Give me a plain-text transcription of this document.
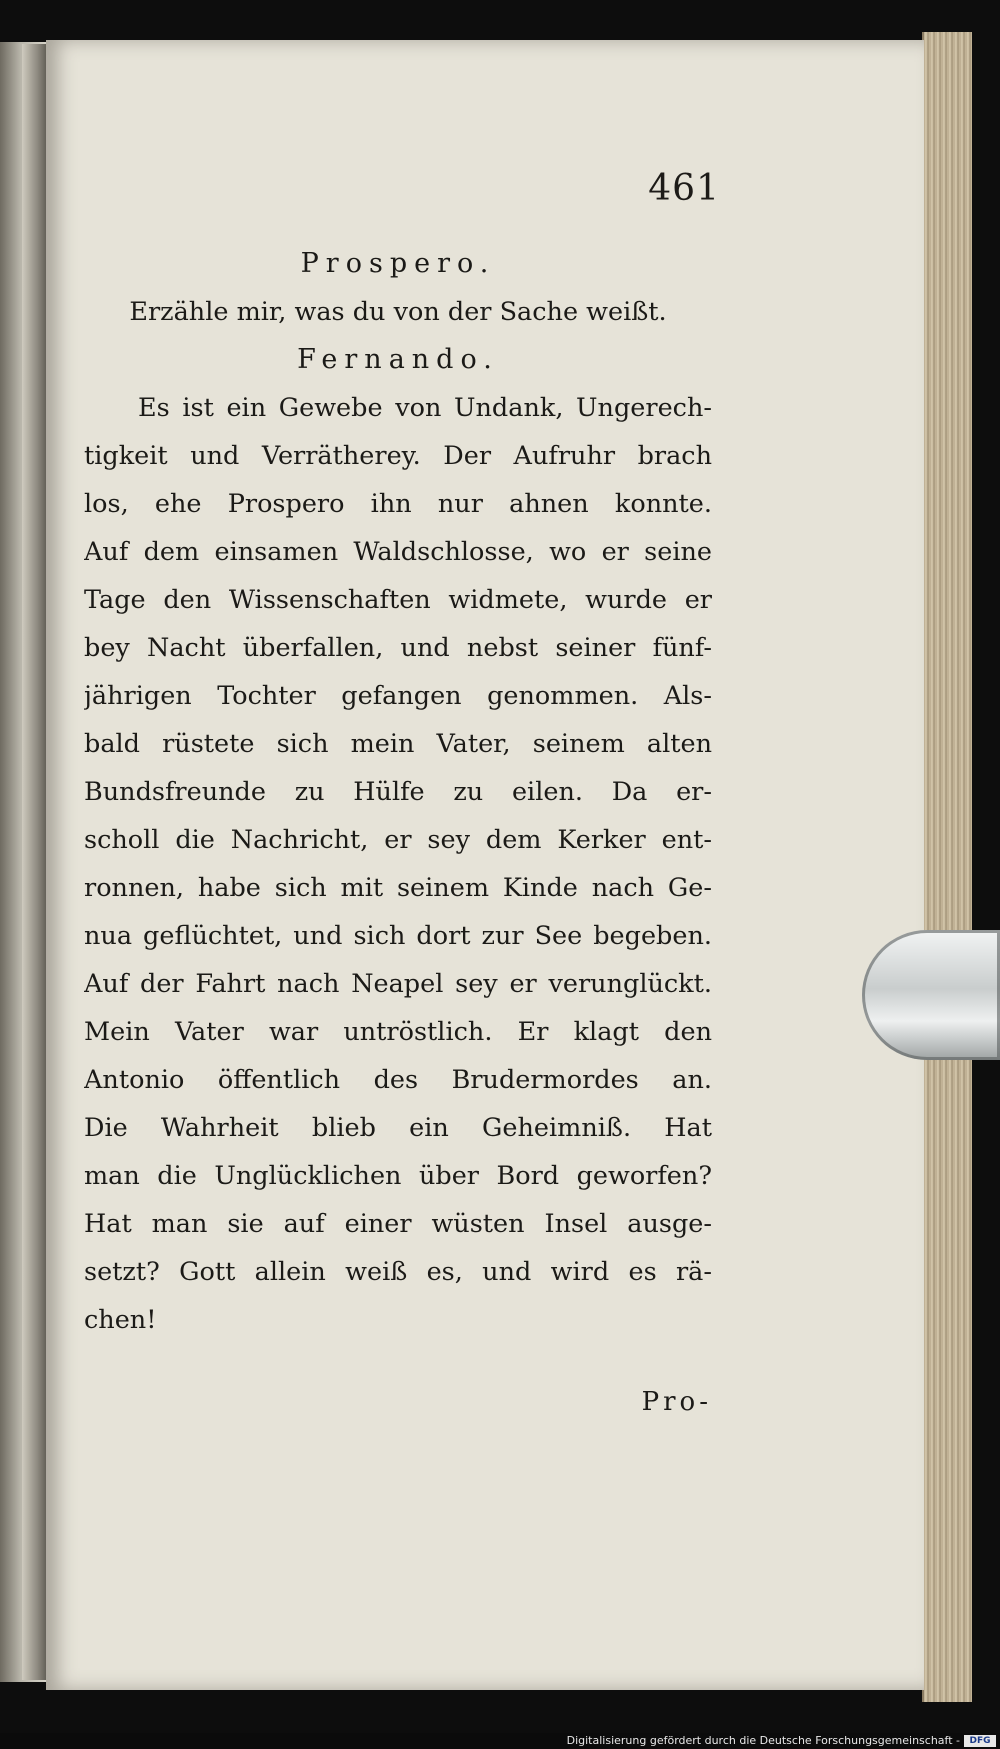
461
Prospero.
Erzähle mir, was du von der Sache weißt.
Fernando.
Es ist ein Gewebe von Undank, Ungerech-
tigkeit und Verrätherey. Der Aufruhr brach
los, ehe Prospero ihn nur ahnen konnte.
Auf dem einsamen Waldschlosse, wo er seine
Tage den Wissenschaften widmete, wurde er
bey Nacht überfallen, und nebst seiner fünf-
jährigen Tochter gefangen genommen. Als-
bald rüstete sich mein Vater, seinem alten
Bundsfreunde zu Hülfe zu eilen. Da er-
scholl die Nachricht, er sey dem Kerker ent-
ronnen, habe sich mit seinem Kinde nach Ge-
nua geflüchtet, und sich dort zur See begeben.
Auf der Fahrt nach Neapel sey er verunglückt.
Mein Vater war untröstlich. Er klagt den
Antonio öffentlich des Brudermordes an.
Die Wahrheit blieb ein Geheimniß. Hat
man die Unglücklichen über Bord geworfen?
Hat man sie auf einer wüsten Insel ausge-
setzt? Gott allein weiß es, und wird es rä-
chen!
Pro-
Digitalisierung gefördert durch die Deutsche Forschungsgemeinschaft -	DFG
